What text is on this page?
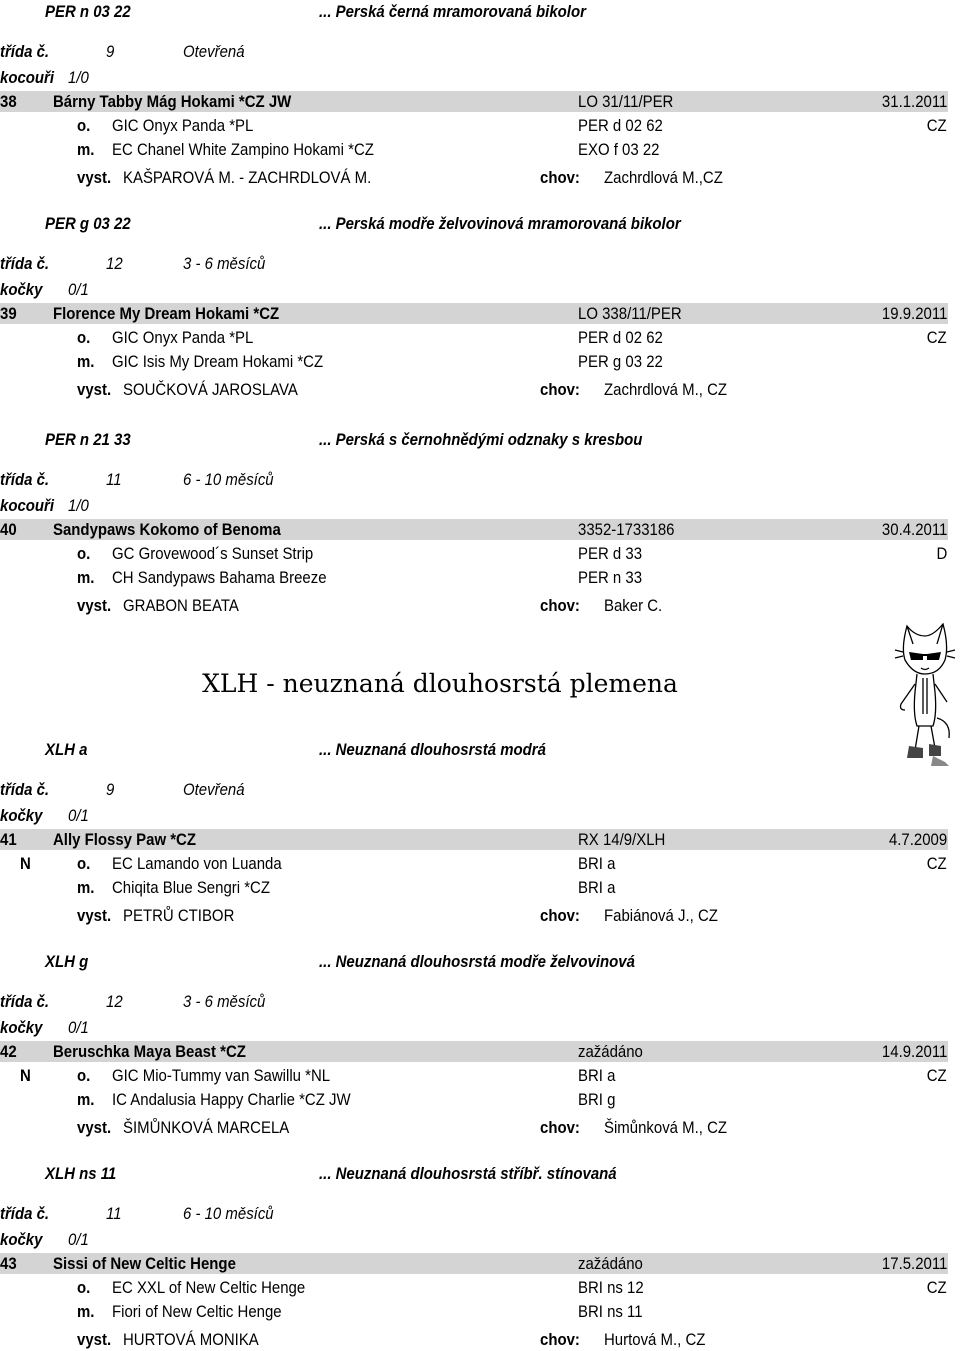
PER n 03 22	... Perská černá mramorovaná bikolor
třída č.	9	Otevřená
kocouři 1/0
38 Bárny Tabby Mág Hokami *CZ JW	LO 31/11/PER	31.1.2011
o. GIC Onyx Panda *PL	PER d 02 62	CZ
m. EC Chanel White Zampino Hokami *CZ	EXO f 03 22
vyst. KAŠPAROVÁ M. - ZACHRDLOVÁ M.	chov: Zachrdlová M.,CZ
PER g 03 22	... Perská modře želvovinová mramorovaná bikolor
třída č.	12	3 - 6 měsíců
kočky 0/1
39 Florence My Dream Hokami *CZ	LO 338/11/PER	19.9.2011
o. GIC Onyx Panda *PL	PER d 02 62	CZ
m. GIC Isis My Dream Hokami *CZ	PER g 03 22
vyst. SOUČKOVÁ JAROSLAVA	chov: Zachrdlová M., CZ
PER n 21 33	... Perská s černohnědými odznaky s kresbou
třída č.	11	6 - 10 měsíců
kocouři 1/0
40 Sandypaws Kokomo of Benoma	3352-1733186	30.4.2011
o. GC Grovewood´s Sunset Strip	PER d 33	D
m. CH Sandypaws Bahama Breeze	PER n 33
vyst. GRABON BEATA	chov: Baker C.
XLH a	... Neuznaná dlouhosrstá modrá
třída č.	9	Otevřená
kočky 0/1
41 Ally Flossy Paw *CZ	RX 14/9/XLH	4.7.2009
N	o. EC Lamando von Luanda	BRI a	CZ
m. Chiqita Blue Sengri *CZ	BRI a
vyst. PETRŮ CTIBOR	chov: Fabiánová J., CZ
XLH g	... Neuznaná dlouhosrstá modře želvovinová
třída č.	12	3 - 6 měsíců
kočky 0/1
42 Beruschka Maya Beast *CZ	zažádáno	14.9.2011
N	o. GIC Mio-Tummy van Sawillu *NL	BRI a	CZ
m. IC Andalusia Happy Charlie *CZ JW	BRI g
vyst. ŠIMŮNKOVÁ MARCELA	chov: Šimůnková M., CZ
XLH ns 11	... Neuznaná dlouhosrstá stříbř. stínovaná
třída č.	11	6 - 10 měsíců
kočky 0/1
43 Sissi of New Celtic Henge	zažádáno	17.5.2011
o. EC XXL of New Celtic Henge	BRI ns 12	CZ
m. Fiori of New Celtic Henge	BRI ns 11
vyst. HURTOVÁ MONIKA	chov: Hurtová M., CZ
XLH - neuznaná dlouhosrstá plemena
